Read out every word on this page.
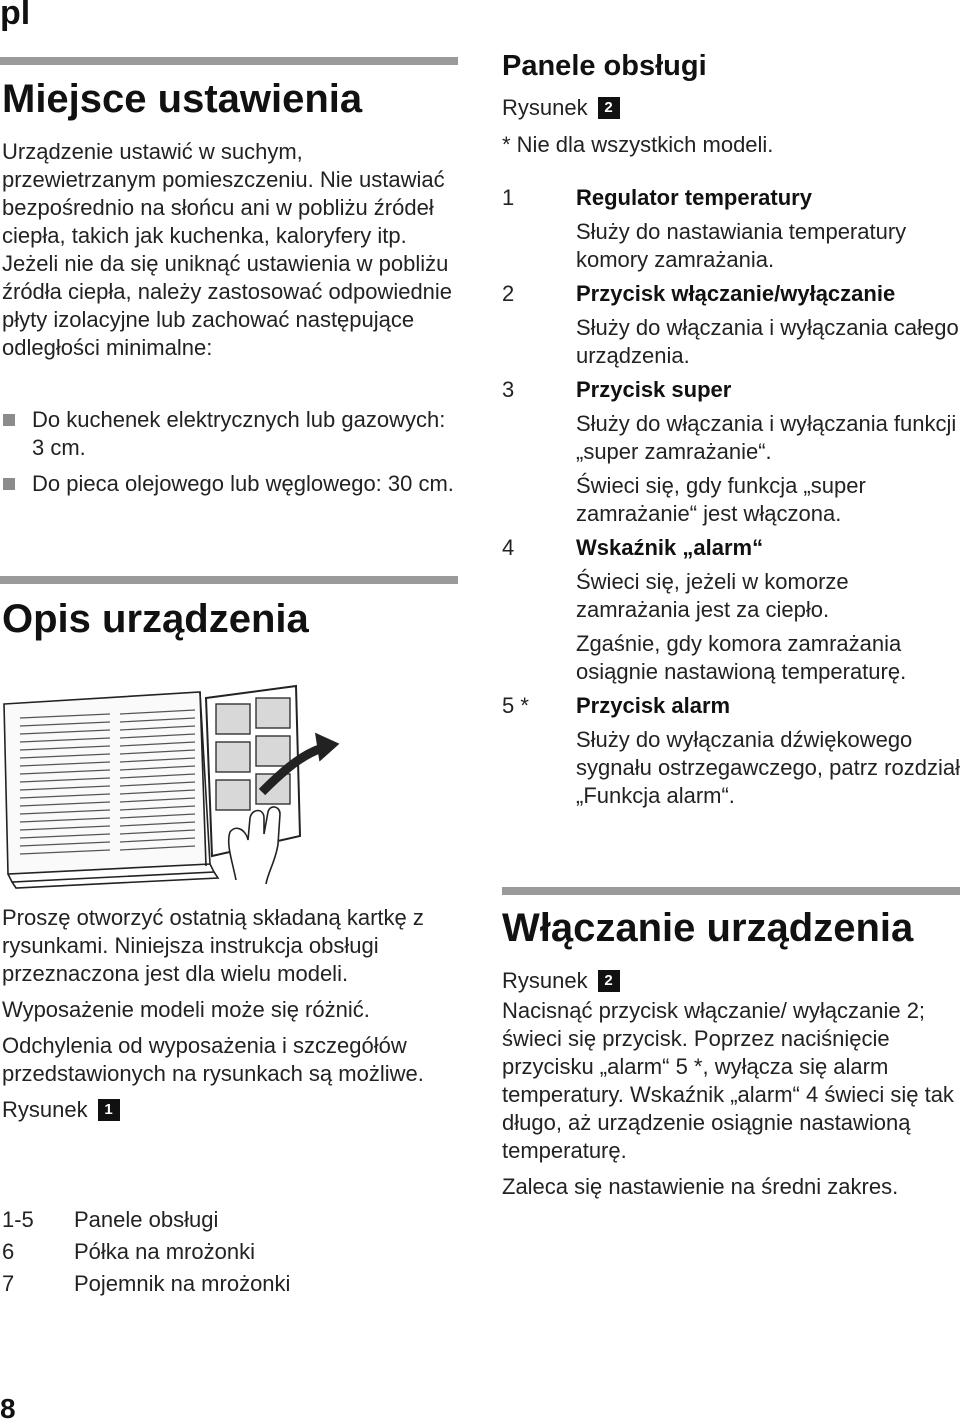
pl
8
Miejsce ustawienia

Urządzenie ustawić w suchym, przewietrzanym pomieszczeniu. Nie ustawiać bezpośrednio na słońcu ani w pobliżu źródeł ciepła, takich jak kuchenka, kaloryfery itp. Jeżeli nie da się uniknąć ustawienia w pobliżu źródła ciepła, należy zastosować odpowiednie płyty izolacyjne lub zachować następujące odległości minimalne:

Do kuchenek elektrycznych lub gazowych: 3 cm.
Do pieca olejowego lub węglowego: 30 cm.
Opis urządzenia

Proszę otworzyć ostatnią składaną kartkę z rysunkami. Niniejsza instrukcja obsługi przeznaczona jest dla wielu modeli.

Wyposażenie modeli może się różnić.

Odchylenia od wyposażenia i szczegółów przedstawionych na rysunkach są możliwe.

Rysunek	1
1-5	Panele obsługi
6	Półka na mrożonki
7	Pojemnik na mrożonki
Panele obsługi
Rysunek	2
* Nie dla wszystkich modeli.
1	Regulator temperatury
Służy do nastawiania temperatury komory zamrażania.
2	Przycisk włączanie/wyłączanie
Służy do włączania i wyłączania całego urządzenia.
3	Przycisk super
Służy do włączania i wyłączania funkcji „super zamrażanie“.
Świeci się, gdy funkcja „super zamrażanie“ jest włączona.
4	Wskaźnik „alarm“
Świeci się, jeżeli w komorze zamrażania jest za ciepło.
Zgaśnie, gdy komora zamrażania osiągnie nastawioną temperaturę.
5 * Przycisk alarm
Służy do wyłączania dźwiękowego sygnału ostrzegawczego, patrz rozdział „Funkcja alarm“.
Włączanie urządzenia
Rysunek	2

Nacisnąć przycisk włączanie/ wyłączanie 2; świeci się przycisk. Poprzez naciśnięcie przycisku „alarm“ 5 *, wyłącza się alarm temperatury. Wskaźnik „alarm“ 4 świeci się tak długo, aż urządzenie osiągnie nastawioną temperaturę.

Zaleca się nastawienie na średni zakres.
